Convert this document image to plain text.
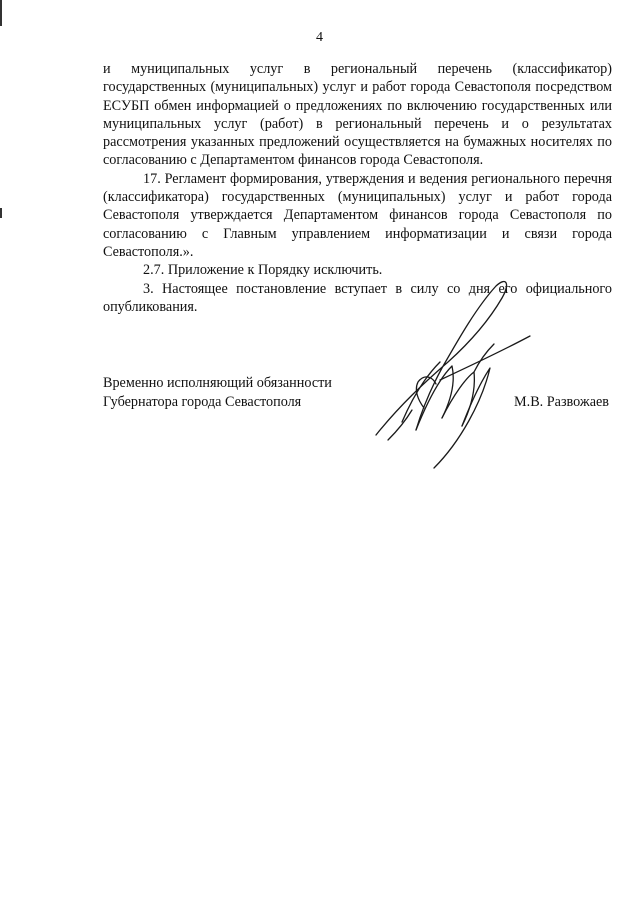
4

и муниципальных услуг в региональный перечень (классификатор) государственных (муниципальных) услуг и работ города Севастополя посредством ЕСУБП обмен информацией о предложениях по включению государственных или муниципальных услуг (работ) в региональный перечень и о результатах рассмотрения указанных предложений осуществляется на бумажных носителях по согласованию с Департаментом финансов города Севастополя.

17. Регламент формирования, утверждения и ведения регионального перечня (классификатора) государственных (муниципальных) услуг и работ города Севастополя утверждается Департаментом финансов города Севастополя по согласованию с Главным управлением информатизации и связи города Севастополя.».

2.7. Приложение к Порядку исключить.

3. Настоящее постановление вступает в силу со дня его официального опубликования.

Временно исполняющий обязанности
Губернатора города Севастополя	М.В. Развожаев
